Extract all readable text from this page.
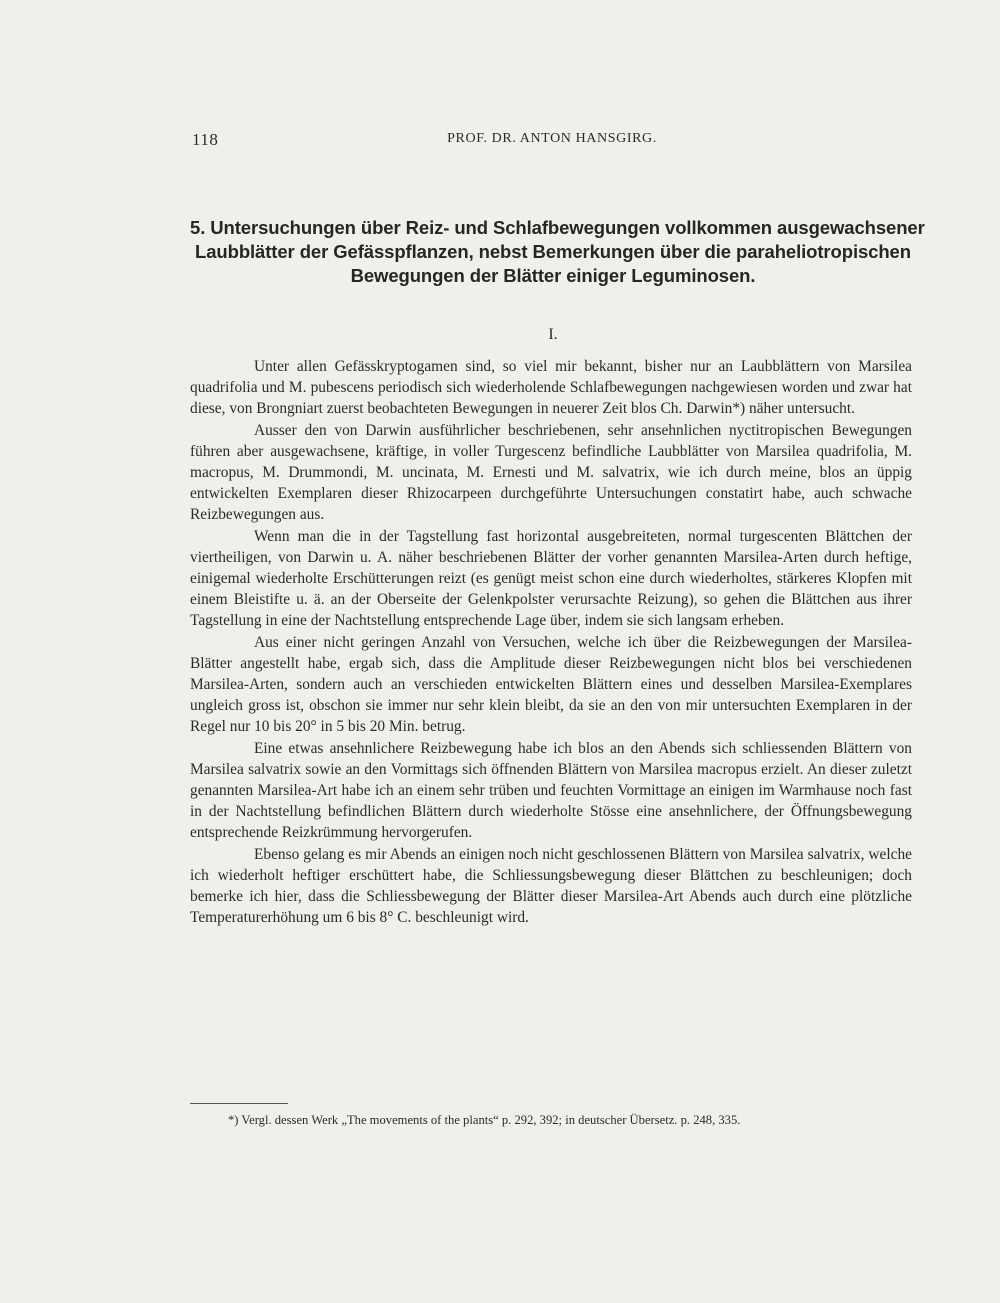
118	PROF. DR. ANTON HANSGIRG.
5. Untersuchungen über Reiz- und Schlafbewegungen vollkommen ausgewachsener
Laubblätter der Gefässpflanzen, nebst Bemerkungen über die paraheliotropischen
Bewegungen der Blätter einiger Leguminosen.
I.

Unter allen Gefässkryptogamen sind, so viel mir bekannt, bisher nur an Laubblättern von Marsilea quadrifolia und M. pubescens periodisch sich wiederholende Schlafbewegungen nachgewiesen worden und zwar hat diese, von Brongniart zuerst beobachteten Bewegungen in neuerer Zeit blos Ch. Darwin*) näher untersucht.

Ausser den von Darwin ausführlicher beschriebenen, sehr ansehnlichen nyctitropischen Bewegungen führen aber ausgewachsene, kräftige, in voller Turgescenz befindliche Laubblätter von Marsilea quadrifolia, M. macropus, M. Drummondi, M. uncinata, M. Ernesti und M. salvatrix, wie ich durch meine, blos an üppig entwickelten Exemplaren dieser Rhizocarpeen durchgeführte Untersuchungen constatirt habe, auch schwache Reizbewegungen aus.

Wenn man die in der Tagstellung fast horizontal ausgebreiteten, normal turgescenten Blättchen der viertheiligen, von Darwin u. A. näher beschriebenen Blätter der vorher genannten Marsilea-Arten durch heftige, einigemal wiederholte Erschütterungen reizt (es genügt meist schon eine durch wiederholtes, stärkeres Klopfen mit einem Bleistifte u. ä. an der Oberseite der Gelenkpolster verursachte Reizung), so gehen die Blättchen aus ihrer Tagstellung in eine der Nachtstellung entsprechende Lage über, indem sie sich langsam erheben.

Aus einer nicht geringen Anzahl von Versuchen, welche ich über die Reizbewegungen der Marsilea-Blätter angestellt habe, ergab sich, dass die Amplitude dieser Reizbewegungen nicht blos bei verschiedenen Marsilea-Arten, sondern auch an verschieden entwickelten Blättern eines und desselben Marsilea-Exemplares ungleich gross ist, obschon sie immer nur sehr klein bleibt, da sie an den von mir untersuchten Exemplaren in der Regel nur 10 bis 20° in 5 bis 20 Min. betrug.

Eine etwas ansehnlichere Reizbewegung habe ich blos an den Abends sich schliessenden Blättern von Marsilea salvatrix sowie an den Vormittags sich öffnenden Blättern von Marsilea macropus erzielt. An dieser zuletzt genannten Marsilea-Art habe ich an einem sehr trüben und feuchten Vormittage an einigen im Warmhause noch fast in der Nachtstellung befindlichen Blättern durch wiederholte Stösse eine ansehnlichere, der Öffnungsbewegung entsprechende Reizkrümmung hervorgerufen.

Ebenso gelang es mir Abends an einigen noch nicht geschlossenen Blättern von Marsilea salvatrix, welche ich wiederholt heftiger erschüttert habe, die Schliessungsbewegung dieser Blättchen zu beschleunigen; doch bemerke ich hier, dass die Schliessbewegung der Blätter dieser Marsilea-Art Abends auch durch eine plötzliche Temperaturerhöhung um 6 bis 8° C. beschleunigt wird.

*) Vergl. dessen Werk „The movements of the plants“ p. 292, 392; in deutscher Übersetz. p. 248, 335.
